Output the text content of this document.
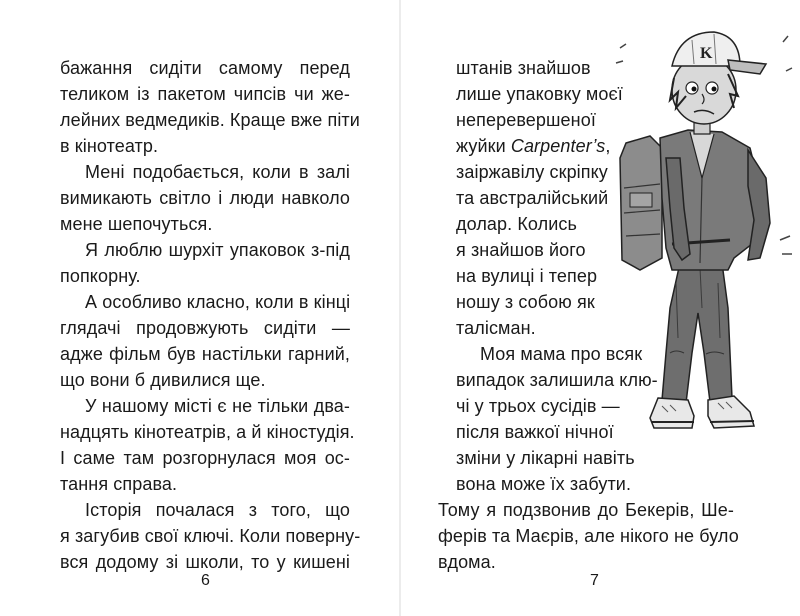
бажання сидіти самому перед
теликом із пакетом чипсів чи же-
лейних ведмедиків. Краще вже піти
в кінотеатр.
Мені подобається, коли в залі
вимикають світло і люди навколо
мене шепочуться.
Я люблю шурхіт упаковок з-під
попкорну.
А особливо класно, коли в кінці
глядачі продовжують сидіти —
адже фільм був настільки гарний,
що вони б дивилися ще.
У нашому місті є не тільки два-
надцять кінотеатрів, а й кіностудія.
І саме там розгорнулася моя ос-
тання справа.
Історія почалася з того, що
я загубив свої ключі. Коли поверну-
вся додому зі школи, то у кишені
6
штанів знайшов
лише упаковку моєї
неперевершеної
жуйки Carpenter’s,
заіржавілу скріпку
та австралійський
долар. Колись
я знайшов його
на вулиці і тепер
ношу з собою як
талісман.
Моя мама про всяк
випадок залишила клю-
чі у трьох сусідів —
після важкої нічної
зміни у лікарні навіть
вона може їх забути.
Тому я подзвонив до Бекерів, Ше-
ферів та Маєрів, але нікого не було
вдома.
7
K
